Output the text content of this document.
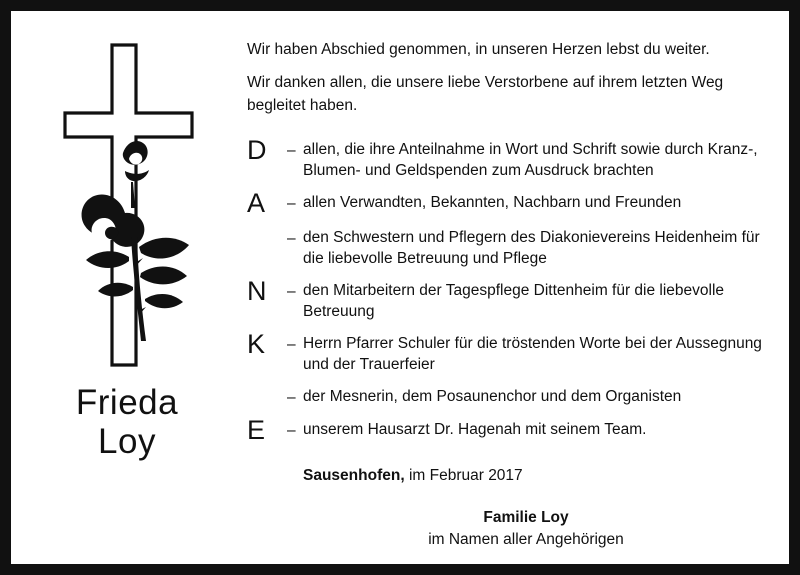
Frieda
Loy

Wir haben Abschied genommen, in unseren Herzen lebst du weiter.

Wir danken allen, die unsere liebe Verstorbene auf ihrem letzten Weg begleitet haben.

D	– allen, die ihre Anteilnahme in Wort und Schrift sowie durch Kranz-, Blumen- und Geldspenden zum Ausdruck brachten
A	– allen Verwandten, Bekannten, Nachbarn und Freunden
– den Schwestern und Pflegern des Diakonievereins Heidenheim für die liebevolle Betreuung und Pflege
N	– den Mitarbeitern der Tagespflege Dittenheim für die liebevolle Betreuung
K	– Herrn Pfarrer Schuler für die tröstenden Worte bei der Aussegnung und der Trauerfeier
– der Mesnerin, dem Posaunenchor und dem Organisten
E	– unserem Hausarzt Dr. Hagenah mit seinem Team.
Sausenhofen, im Februar 2017
Familie Loy
im Namen aller Angehörigen
